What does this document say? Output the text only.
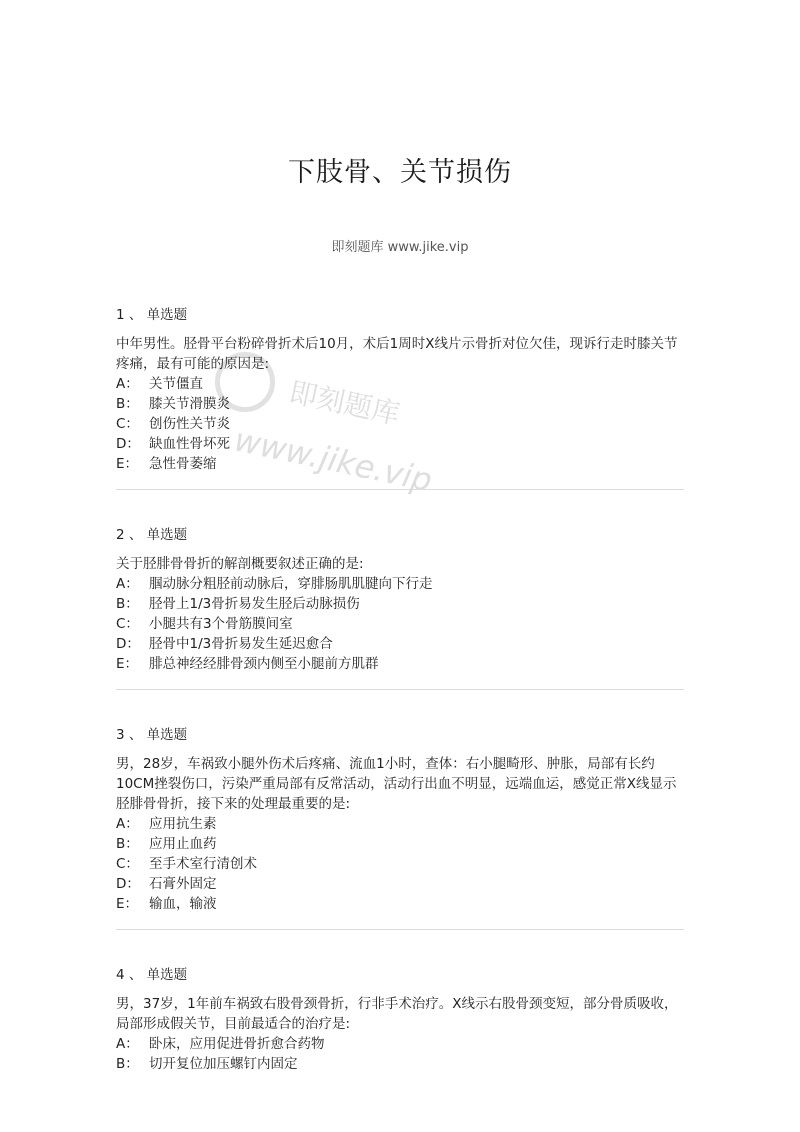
下肢骨、关节损伤
即刻题库 www.jike.vip
即刻题库
www.jike.vip
1 、 单选题

中年男性。胫骨平台粉碎骨折术后10月，术后1周时X线片示骨折对位欠佳，现诉行走时膝关节疼痛，最有可能的原因是:

A： 关节僵直
B： 膝关节滑膜炎
C： 创伤性关节炎
D： 缺血性骨坏死
E： 急性骨萎缩
2 、 单选题

关于胫腓骨骨折的解剖概要叙述正确的是:

A： 腘动脉分粗胫前动脉后，穿腓肠肌肌腱向下行走
B： 胫骨上1/3骨折易发生胫后动脉损伤
C： 小腿共有3个骨筋膜间室
D： 胫骨中1/3骨折易发生延迟愈合
E： 腓总神经经腓骨颈内侧至小腿前方肌群
3 、 单选题

男，28岁，车祸致小腿外伤术后疼痛、流血1小时，查体：右小腿畸形、肿胀，局部有长约10CM挫裂伤口，污染严重局部有反常活动，活动行出血不明显，远端血运，感觉正常X线显示胫腓骨骨折，接下来的处理最重要的是:

A： 应用抗生素
B： 应用止血药
C： 至手术室行清创术
D： 石膏外固定
E： 输血，输液
4 、 单选题

男，37岁，1年前车祸致右股骨颈骨折，行非手术治疗。X线示右股骨颈变短，部分骨质吸收，局部形成假关节，目前最适合的治疗是:

A： 卧床，应用促进骨折愈合药物
B： 切开复位加压螺钉内固定
